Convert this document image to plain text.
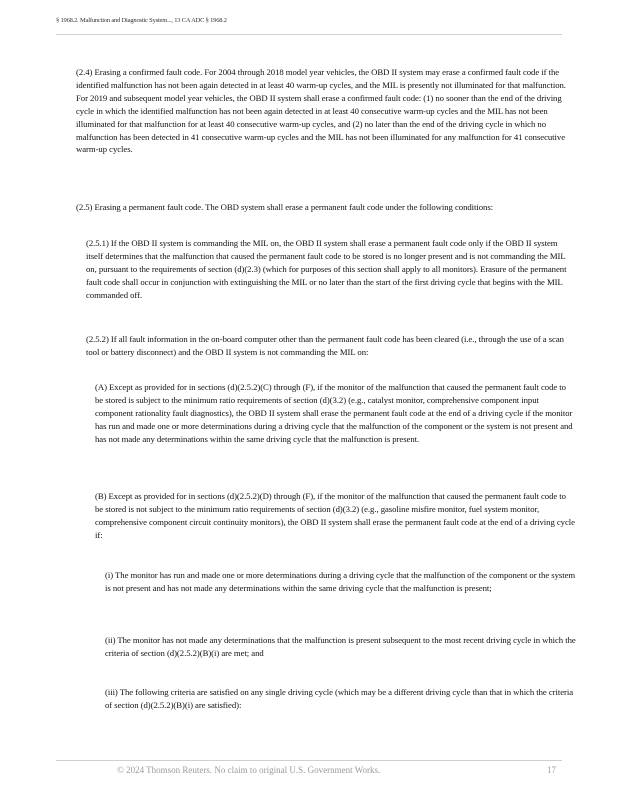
§ 1968.2. Malfunction and Diagnostic System..., 13 CA ADC § 1968.2

(2.4) Erasing a confirmed fault code. For 2004 through 2018 model year vehicles, the OBD II system may erase a confirmed fault code if the identified malfunction has not been again detected in at least 40 warm-up cycles, and the MIL is presently not illuminated for that malfunction. For 2019 and subsequent model year vehicles, the OBD II system shall erase a confirmed fault code: (1) no sooner than the end of the driving cycle in which the identified malfunction has not been again detected in at least 40 consecutive warm-up cycles and the MIL has not been illuminated for that malfunction for at least 40 consecutive warm-up cycles, and (2) no later than the end of the driving cycle in which no malfunction has been detected in 41 consecutive warm-up cycles and the MIL has not been illuminated for any malfunction for 41 consecutive warm-up cycles.

(2.5) Erasing a permanent fault code. The OBD system shall erase a permanent fault code under the following conditions:

(2.5.1) If the OBD II system is commanding the MIL on, the OBD II system shall erase a permanent fault code only if the OBD II system itself determines that the malfunction that caused the permanent fault code to be stored is no longer present and is not commanding the MIL on, pursuant to the requirements of section (d)(2.3) (which for purposes of this section shall apply to all monitors). Erasure of the permanent fault code shall occur in conjunction with extinguishing the MIL or no later than the start of the first driving cycle that begins with the MIL commanded off.

(2.5.2) If all fault information in the on-board computer other than the permanent fault code has been cleared (i.e., through the use of a scan tool or battery disconnect) and the OBD II system is not commanding the MIL on:

(A) Except as provided for in sections (d)(2.5.2)(C) through (F), if the monitor of the malfunction that caused the permanent fault code to be stored is subject to the minimum ratio requirements of section (d)(3.2) (e.g., catalyst monitor, comprehensive component input component rationality fault diagnostics), the OBD II system shall erase the permanent fault code at the end of a driving cycle if the monitor has run and made one or more determinations during a driving cycle that the malfunction of the component or the system is not present and has not made any determinations within the same driving cycle that the malfunction is present.

(B) Except as provided for in sections (d)(2.5.2)(D) through (F), if the monitor of the malfunction that caused the permanent fault code to be stored is not subject to the minimum ratio requirements of section (d)(3.2) (e.g., gasoline misfire monitor, fuel system monitor, comprehensive component circuit continuity monitors), the OBD II system shall erase the permanent fault code at the end of a driving cycle if:

(i) The monitor has run and made one or more determinations during a driving cycle that the malfunction of the component or the system is not present and has not made any determinations within the same driving cycle that the malfunction is present;

(ii) The monitor has not made any determinations that the malfunction is present subsequent to the most recent driving cycle in which the criteria of section (d)(2.5.2)(B)(i) are met; and

(iii) The following criteria are satisfied on any single driving cycle (which may be a different driving cycle than that in which the criteria of section (d)(2.5.2)(B)(i) are satisfied):

© 2024 Thomson Reuters. No claim to original U.S. Government Works.	17
